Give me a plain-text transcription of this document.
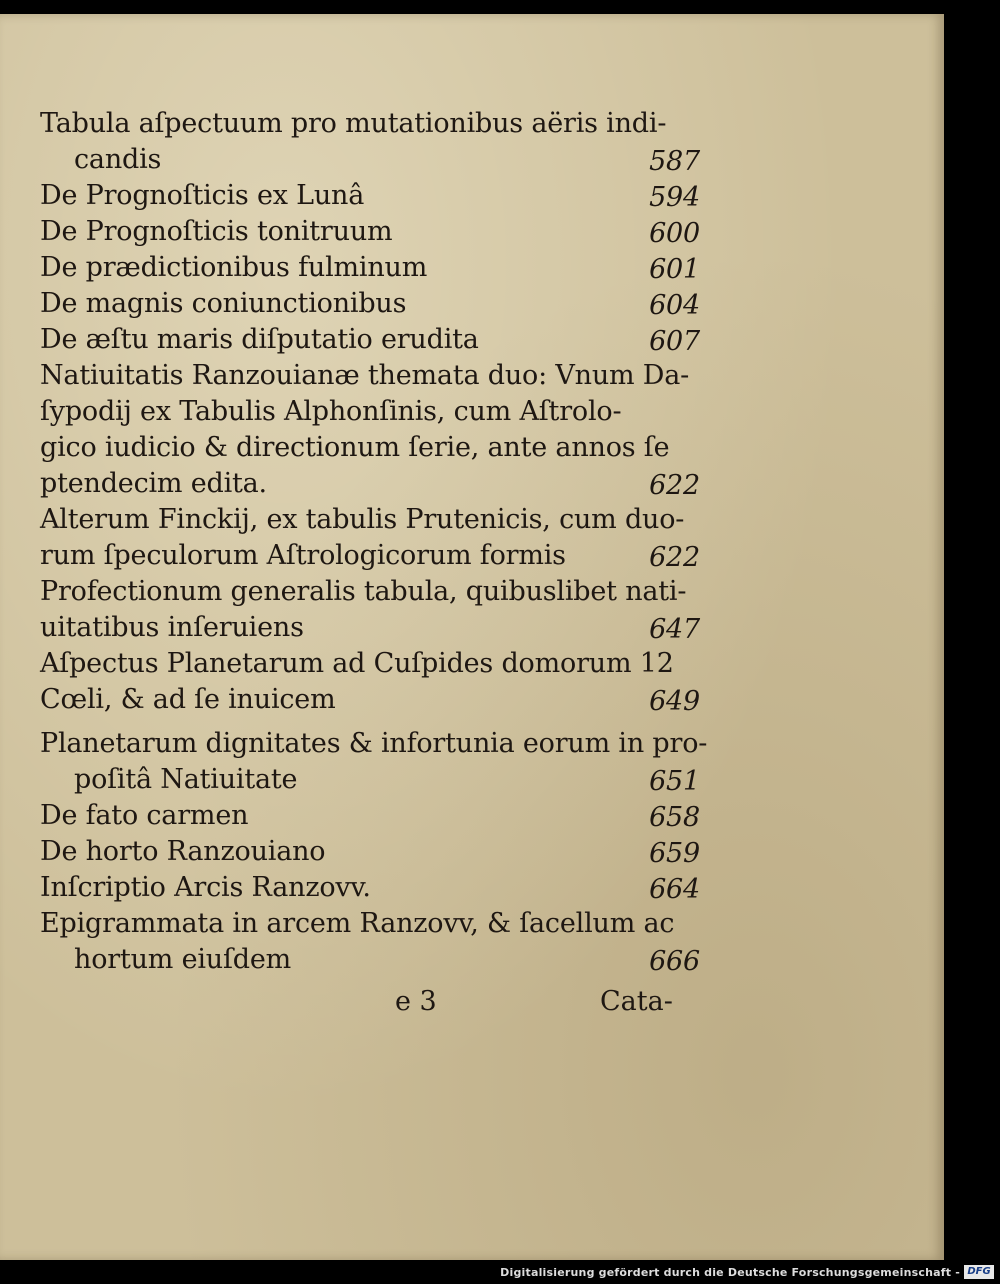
Tabula aſpectuum pro mutationibus aëris indi-
candis	587
De Prognoſticis ex Lunâ	594
De Prognoſticis tonitruum	600
De prædictionibus fulminum	601
De magnis coniunctionibus	604
De æſtu maris diſputatio erudita	607
Natiuitatis Ranzouianæ themata duo: Vnum Da-
ſypodij ex Tabulis Alphonſinis, cum Aſtrolo-
gico iudicio & directionum ſerie, ante annos ſe
ptendecim edita.	622
Alterum Finckij, ex tabulis Prutenicis, cum duo-
rum ſpeculorum Aſtrologicorum formis	622
Profectionum generalis tabula, quibuslibet nati-
uitatibus inſeruiens	647
Aſpectus Planetarum ad Cuſpides domorum 12
Cœli, & ad ſe inuicem	649
Planetarum dignitates & infortunia eorum in pro-
poſitâ Natiuitate	651
De fato carmen	658
De horto Ranzouiano	659
Inſcriptio Arcis Ranzovv.	664
Epigrammata in arcem Ranzovv, & ſacellum ac
hortum eiuſdem	666
e 3	Cata-
Digitalisierung gefördert durch die Deutsche Forschungsgemeinschaft - DFG
